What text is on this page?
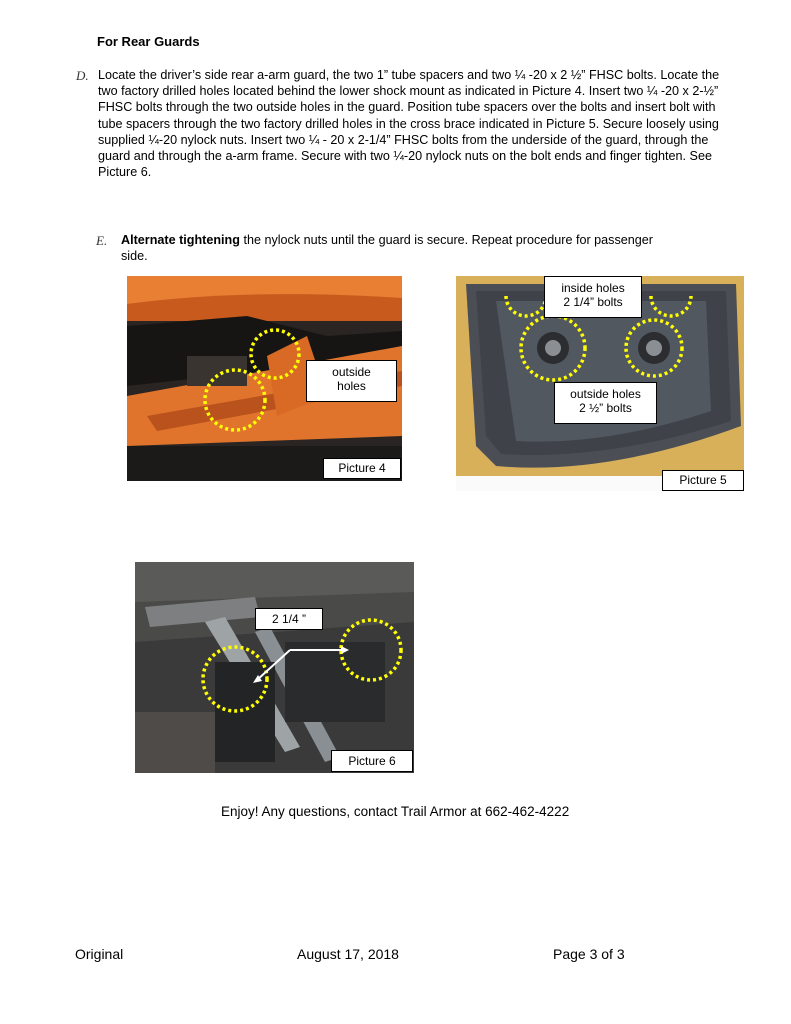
For Rear Guards
D. Locate the driver’s side rear a-arm guard, the two 1” tube spacers and two ¼ -20 x 2 ½” FHSC bolts. Locate the two factory drilled holes located behind the lower shock mount as indicated in Picture 4. Insert two ¼ -20 x 2-½” FHSC bolts through the two outside holes in the guard. Position tube spacers over the bolts and insert bolt with tube spacers through the two factory drilled holes in the cross brace indicated in Picture 5. Secure loosely using supplied ¼-20 nylock nuts. Insert two ¼ - 20 x 2-1/4” FHSC bolts from the underside of the guard, through the guard and through the a-arm frame. Secure with two ¼-20 nylock nuts on the bolt ends and finger tighten. See Picture 6.
E. Alternate tightening the nylock nuts until the guard is secure. Repeat procedure for passenger side.
outside
holes
Picture 4
inside holes
2 1/4” bolts
outside holes
2 ½” bolts
Picture 5
2 1/4 ”
Picture 6
Enjoy! Any questions, contact Trail Armor at 662-462-4222
Original	August 17, 2018	Page 3 of 3
